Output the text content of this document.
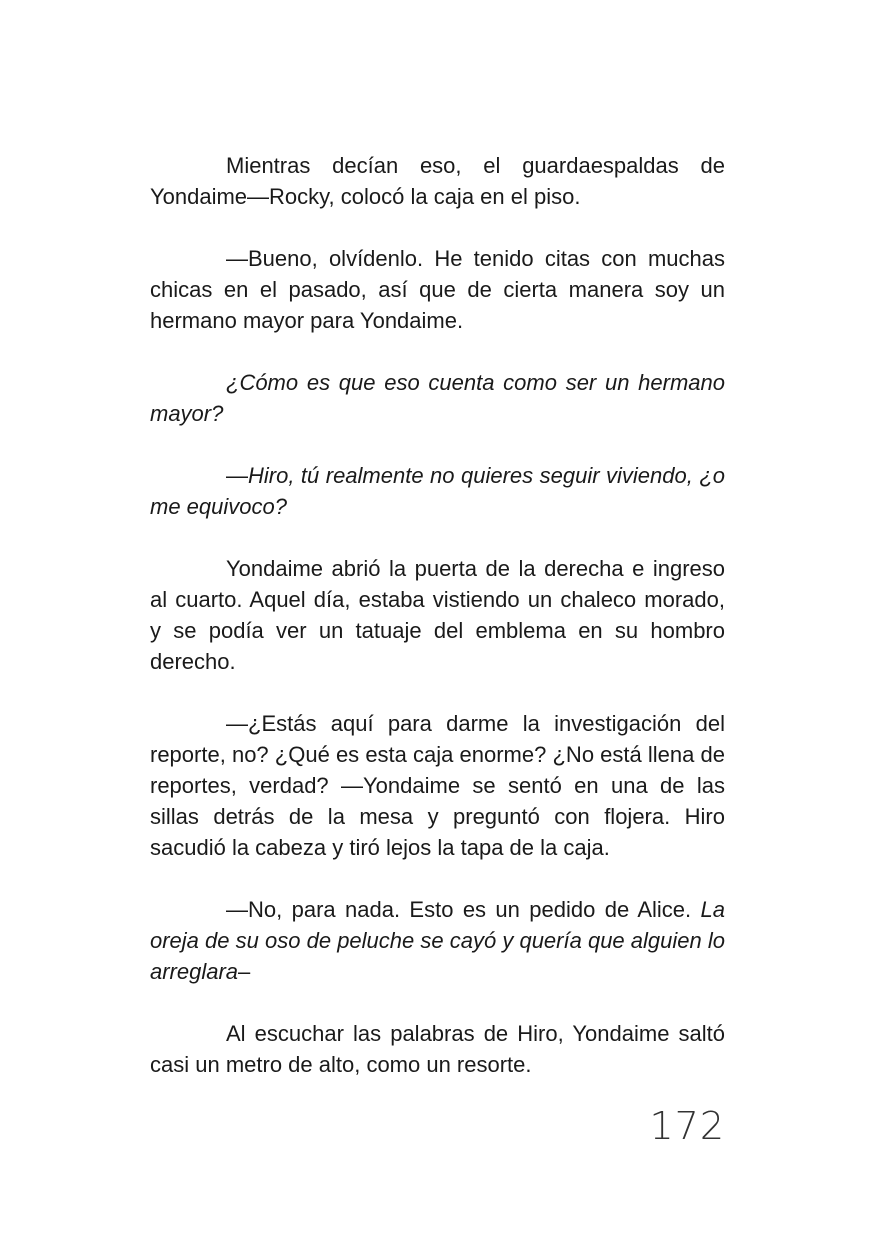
Mientras decían eso, el guardaespaldas de Yondaime—Rocky, colocó la caja en el piso.

—Bueno, olvídenlo. He tenido citas con muchas chicas en el pasado, así que de cierta manera soy un hermano mayor para Yondaime.

¿Cómo es que eso cuenta como ser un hermano mayor?

—Hiro, tú realmente no quieres seguir viviendo, ¿o me equivoco?

Yondaime abrió la puerta de la derecha e ingreso al cuarto. Aquel día, estaba vistiendo un chaleco morado, y se podía ver un tatuaje del emblema en su hombro derecho.

—¿Estás aquí para darme la investigación del reporte, no? ¿Qué es esta caja enorme? ¿No está llena de reportes, verdad? —Yondaime se sentó en una de las sillas detrás de la mesa y preguntó con flojera. Hiro sacudió la cabeza y tiró lejos la tapa de la caja.

—No, para nada. Esto es un pedido de Alice. La oreja de su oso de peluche se cayó y quería que alguien lo arreglara–

Al escuchar las palabras de Hiro, Yondaime saltó casi un metro de alto, como un resorte.

172
